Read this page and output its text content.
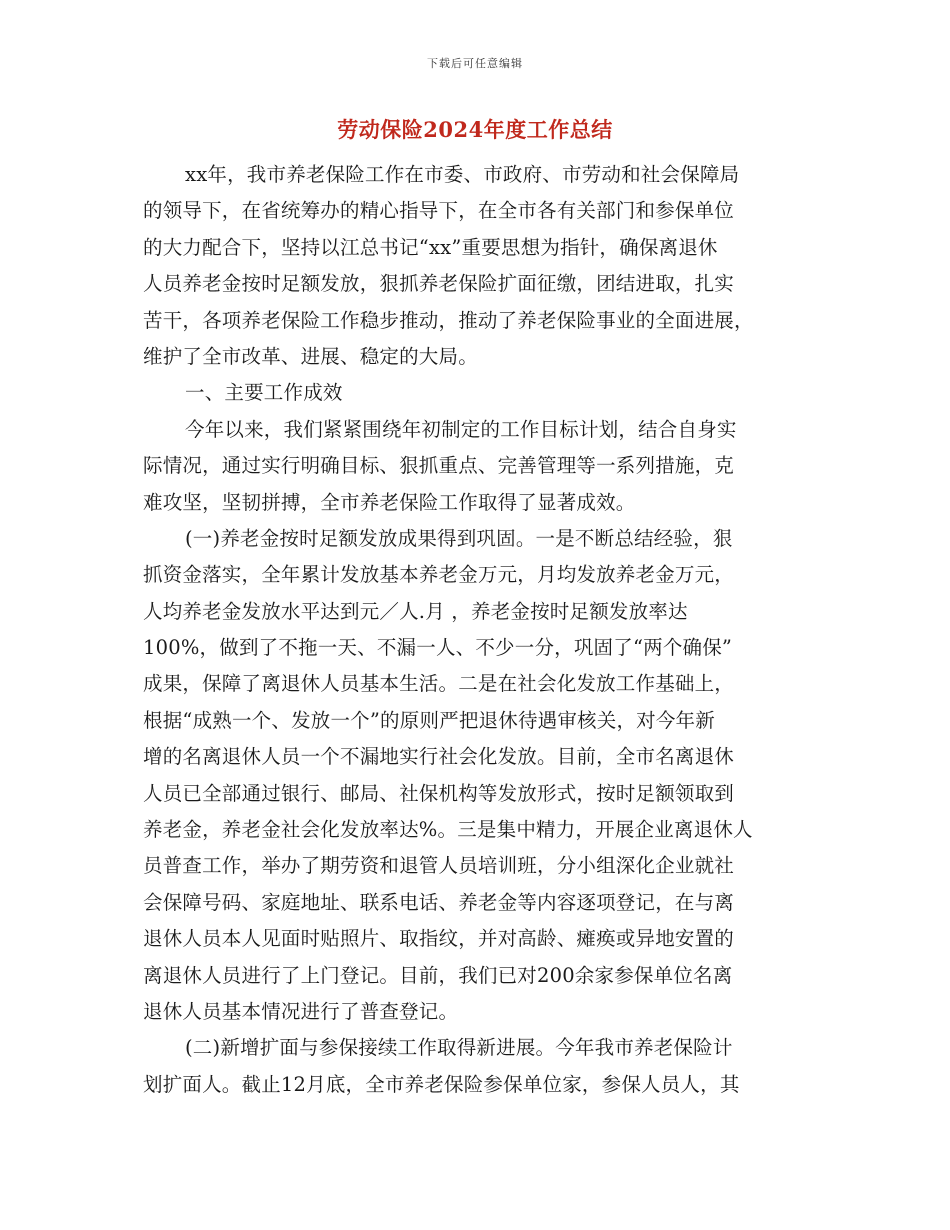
下载后可任意编辑
劳动保险2024年度工作总结
xx年，我市养老保险工作在市委、市政府、市劳动和社会保障局
的领导下，在省统筹办的精心指导下，在全市各有关部门和参保单位
的大力配合下，坚持以江总书记“xx”重要思想为指针，确保离退休
人员养老金按时足额发放，狠抓养老保险扩面征缴，团结进取，扎实
苦干，各项养老保险工作稳步推动，推动了养老保险事业的全面进展，
维护了全市改革、进展、稳定的大局。
一、主要工作成效
今年以来，我们紧紧围绕年初制定的工作目标计划，结合自身实
际情况，通过实行明确目标、狠抓重点、完善管理等一系列措施，克
难攻坚，坚韧拼搏，全市养老保险工作取得了显著成效。
(一)养老金按时足额发放成果得到巩固。一是不断总结经验，狠
抓资金落实，全年累计发放基本养老金万元，月均发放养老金万元，
人均养老金发放水平达到元／人.月 ，养老金按时足额发放率达
100%，做到了不拖一天、不漏一人、不少一分，巩固了“两个确保”
成果，保障了离退休人员基本生活。二是在社会化发放工作基础上，
根据“成熟一个、发放一个”的原则严把退休待遇审核关，对今年新
增的名离退休人员一个不漏地实行社会化发放。目前，全市名离退休
人员已全部通过银行、邮局、社保机构等发放形式，按时足额领取到
养老金，养老金社会化发放率达%。三是集中精力，开展企业离退休人
员普查工作，举办了期劳资和退管人员培训班，分小组深化企业就社
会保障号码、家庭地址、联系电话、养老金等内容逐项登记，在与离
退休人员本人见面时贴照片、取指纹，并对高龄、瘫痪或异地安置的
离退休人员进行了上门登记。目前，我们已对200余家参保单位名离
退休人员基本情况进行了普查登记。
(二)新增扩面与参保接续工作取得新进展。今年我市养老保险计
划扩面人。截止12月底，全市养老保险参保单位家，参保人员人，其
